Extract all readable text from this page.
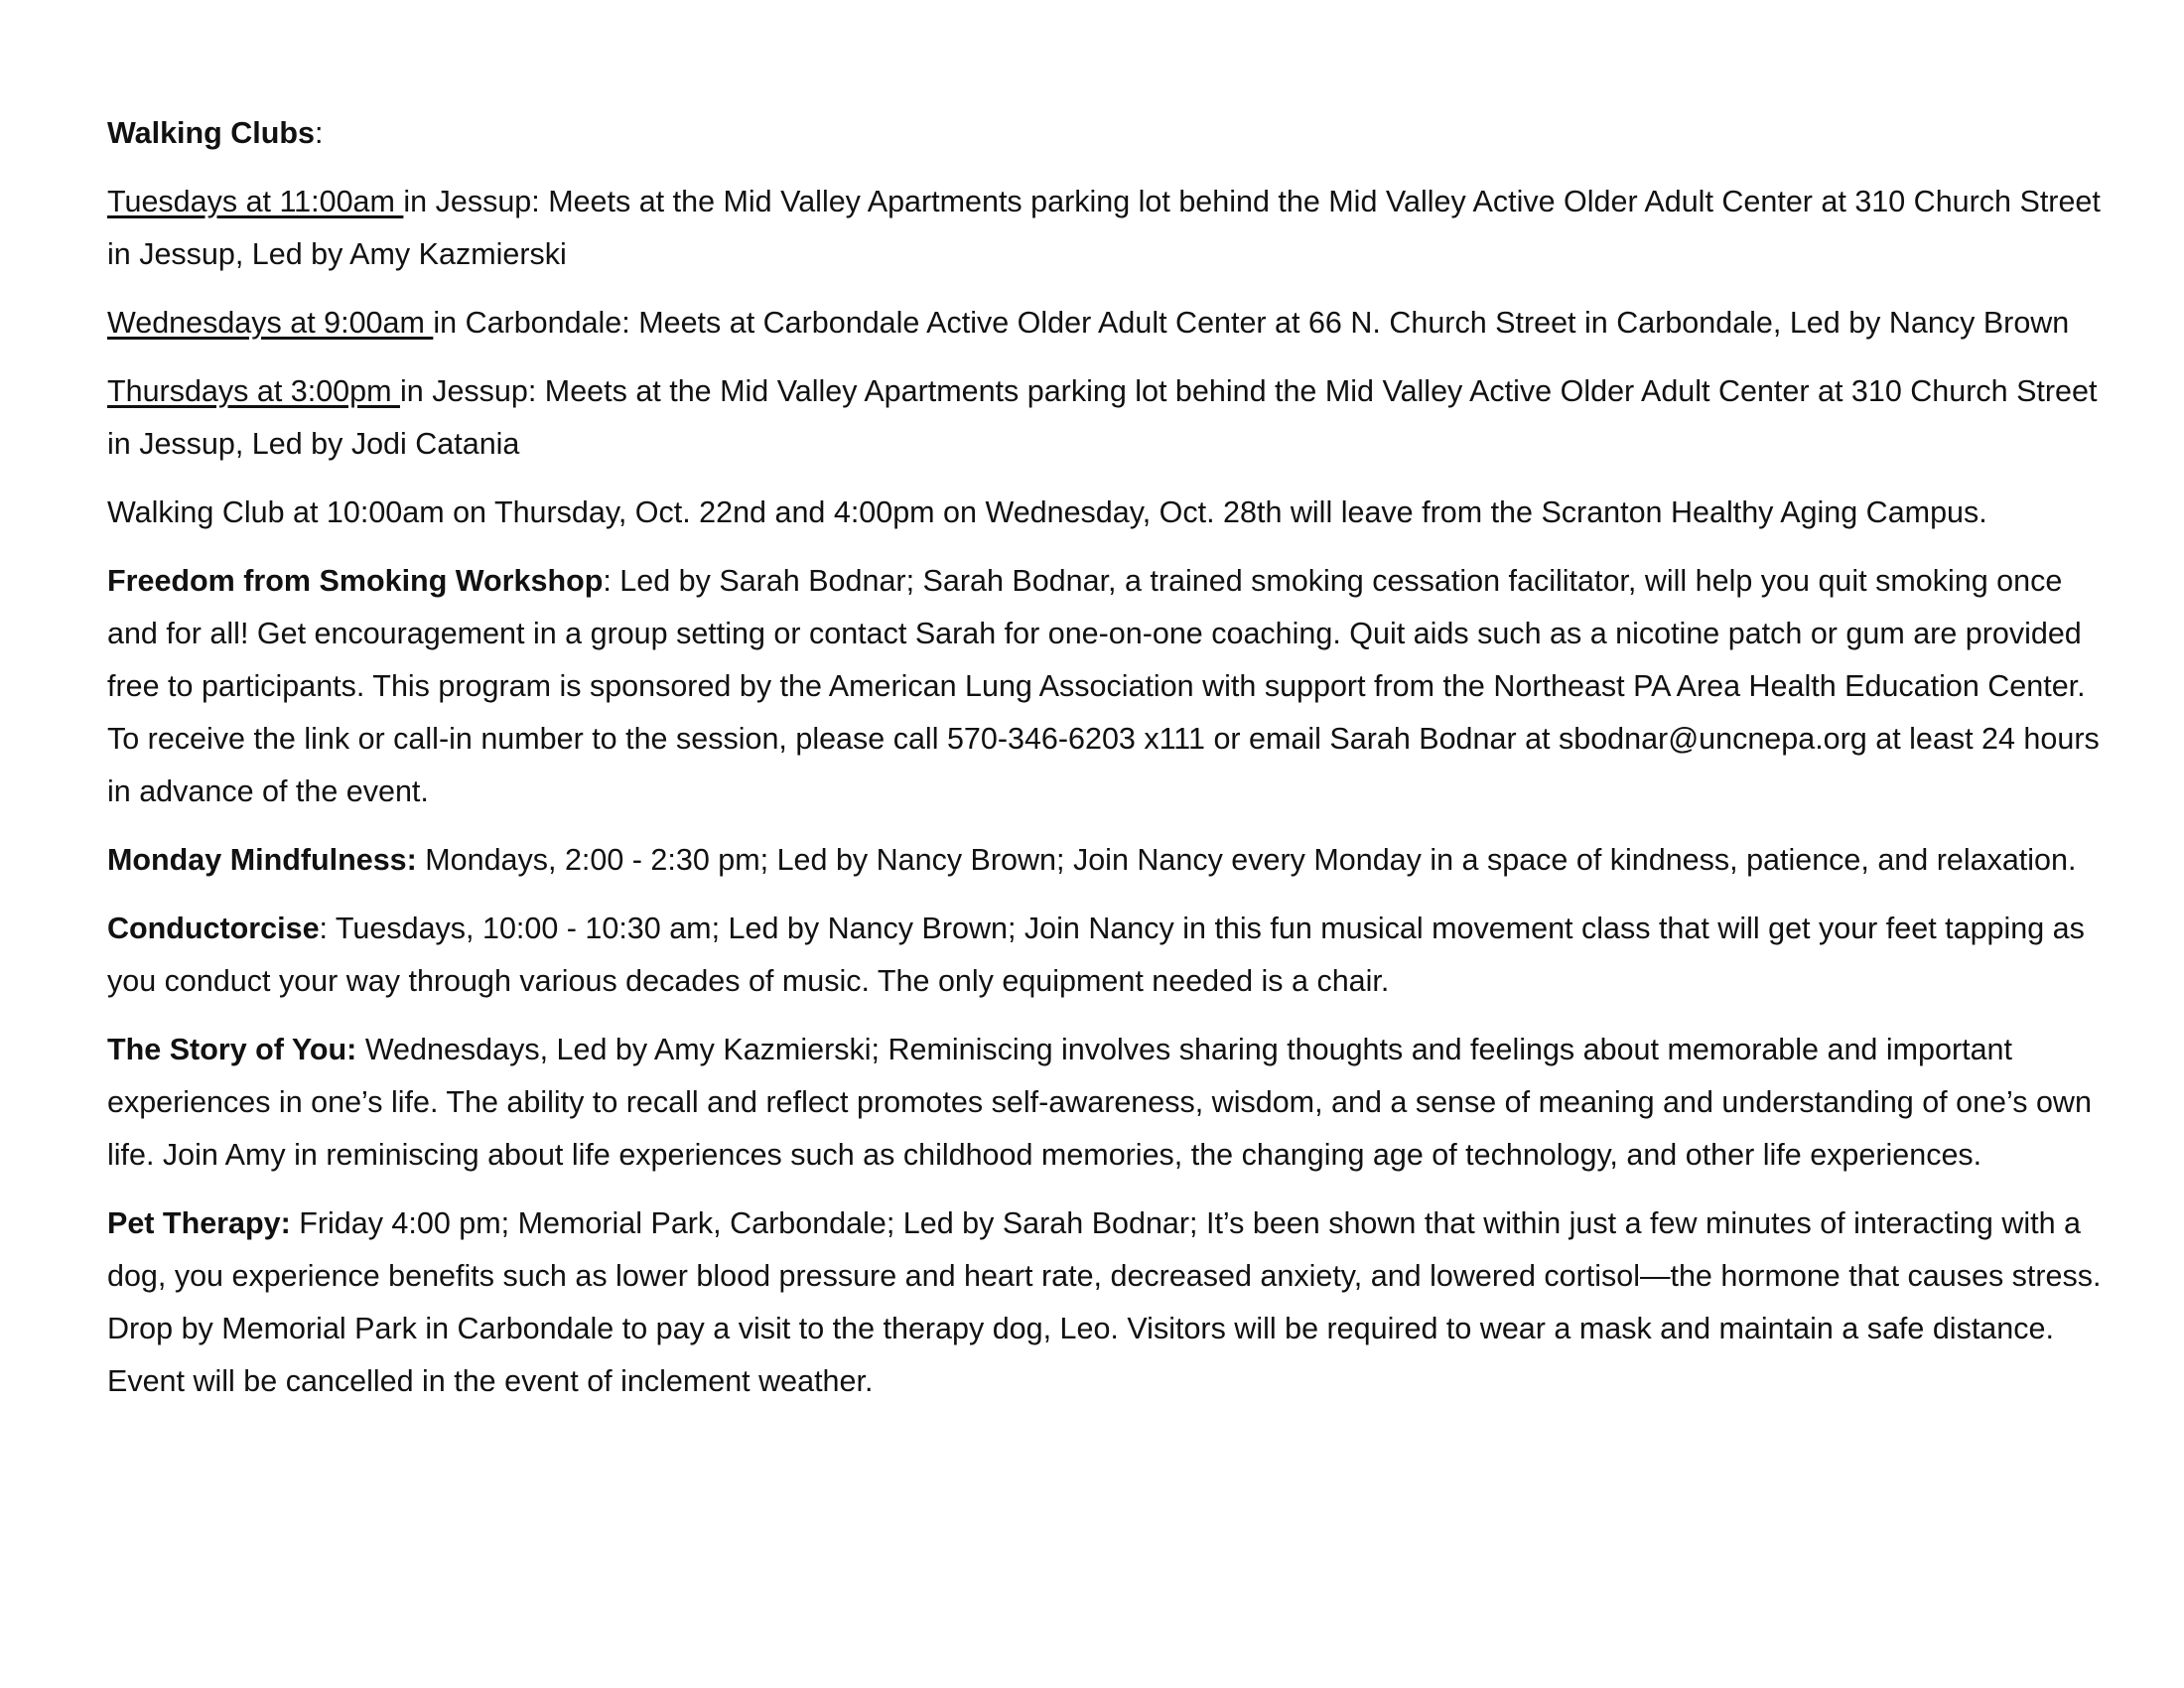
Walking Clubs:

Tuesdays at 11:00am in Jessup: Meets at the Mid Valley Apartments parking lot behind the Mid Valley Active Older Adult Center at 310 Church Street in Jessup, Led by Amy Kazmierski

Wednesdays at 9:00am in Carbondale: Meets at Carbondale Active Older Adult Center at 66 N. Church Street in Carbondale, Led by Nancy Brown

Thursdays at 3:00pm in Jessup: Meets at the Mid Valley Apartments parking lot behind the Mid Valley Active Older Adult Center at 310 Church Street in Jessup, Led by Jodi Catania

Walking Club at 10:00am on Thursday, Oct. 22nd and 4:00pm on Wednesday, Oct. 28th will leave from the Scranton Healthy Aging Campus.

Freedom from Smoking Workshop: Led by Sarah Bodnar; Sarah Bodnar, a trained smoking cessation facilitator, will help you quit smoking once and for all! Get encouragement in a group setting or contact Sarah for one-on-one coaching. Quit aids such as a nicotine patch or gum are provided free to participants. This program is sponsored by the American Lung Association with support from the Northeast PA Area Health Education Center. To receive the link or call-in number to the session, please call 570-346-6203 x111 or email Sarah Bodnar at sbodnar@uncnepa.org at least 24 hours in advance of the event.

Monday Mindfulness: Mondays, 2:00 - 2:30 pm; Led by Nancy Brown; Join Nancy every Monday in a space of kindness, patience, and relaxation.

Conductorcise: Tuesdays, 10:00 - 10:30 am; Led by Nancy Brown; Join Nancy in this fun musical movement class that will get your feet tapping as you conduct your way through various decades of music. The only equipment needed is a chair.

The Story of You: Wednesdays, Led by Amy Kazmierski; Reminiscing involves sharing thoughts and feelings about memorable and important experiences in one’s life. The ability to recall and reflect promotes self-awareness, wisdom, and a sense of meaning and understanding of one’s own life. Join Amy in reminiscing about life experiences such as childhood memories, the changing age of technology, and other life experiences.

Pet Therapy: Friday 4:00 pm; Memorial Park, Carbondale; Led by Sarah Bodnar; It’s been shown that within just a few minutes of interacting with a dog, you experience benefits such as lower blood pressure and heart rate, decreased anxiety, and lowered cortisol—the hormone that causes stress. Drop by Memorial Park in Carbondale to pay a visit to the therapy dog, Leo. Visitors will be required to wear a mask and maintain a safe distance. Event will be cancelled in the event of inclement weather.
